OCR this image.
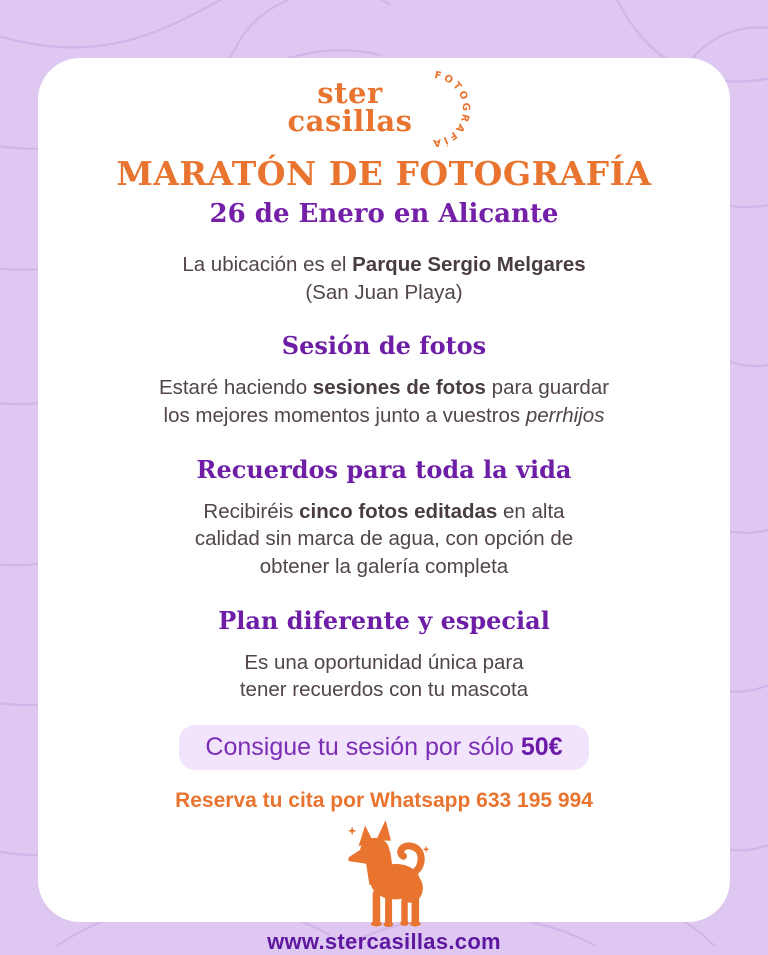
ster
casillas
FOTOGRAFÍA
MARATÓN DE FOTOGRAFÍA
26 de Enero en Alicante

La ubicación es el Parque Sergio Melgares
(San Juan Playa)

Sesión de fotos

Estaré haciendo sesiones de fotos para guardar
los mejores momentos junto a vuestros perrhijos

Recuerdos para toda la vida

Recibiréis cinco fotos editadas en alta
calidad sin marca de agua, con opción de
obtener la galería completa

Plan diferente y especial

Es una oportunidad única para
tener recuerdos con tu mascota

Consigue tu sesión por sólo 50€
Reserva tu cita por Whatsapp 633 195 994
www.stercasillas.com
